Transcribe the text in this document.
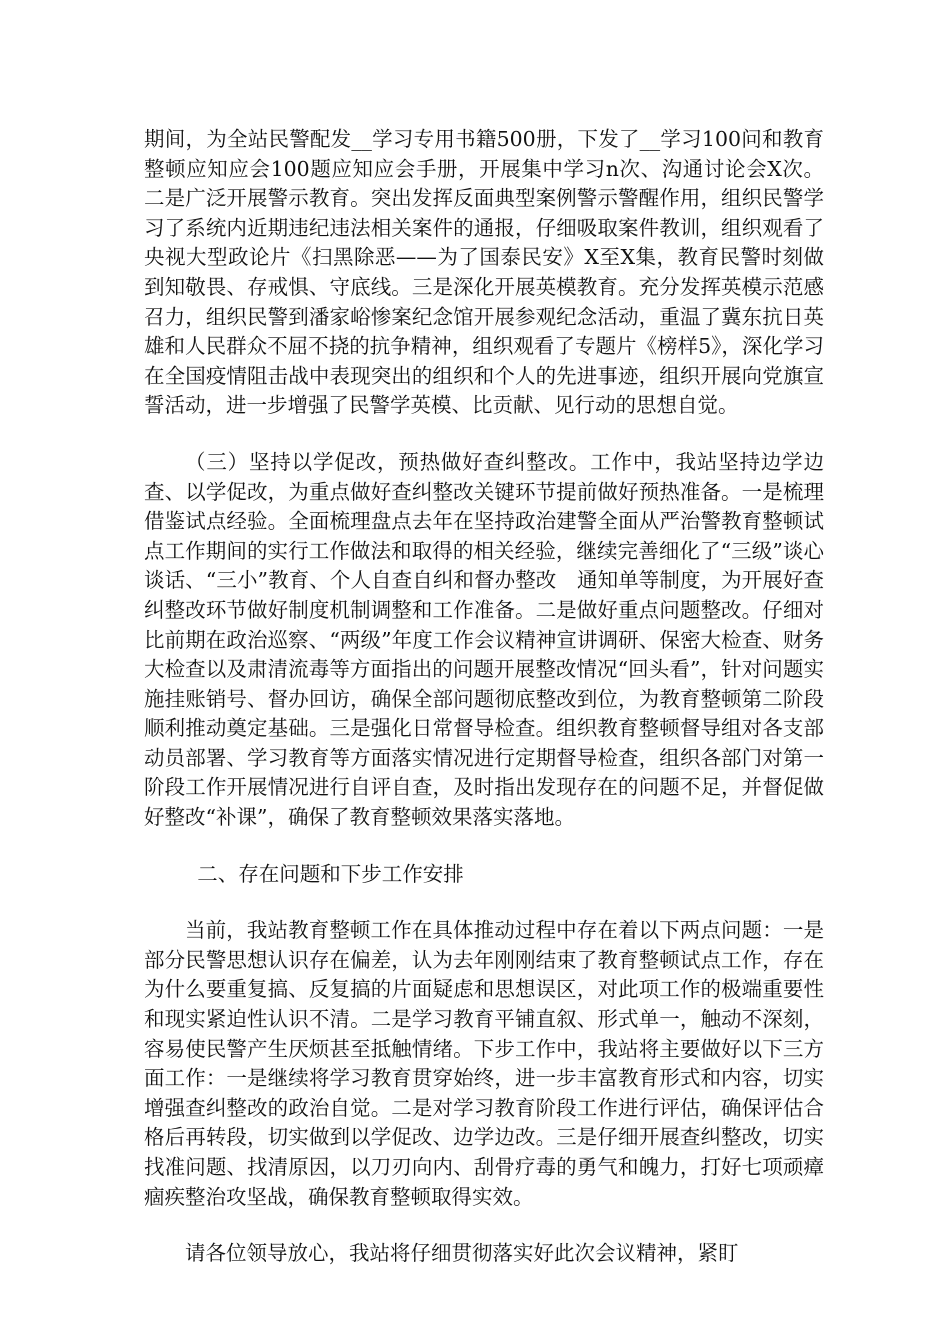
期间，为全站民警配发__学习专用书籍500册，下发了__学习100问和教育整顿应知应会100题应知应会手册，开展集中学习n次、沟通讨论会X次。二是广泛开展警示教育。突出发挥反面典型案例警示警醒作用，组织民警学习了系统内近期违纪违法相关案件的通报，仔细吸取案件教训，组织观看了央视大型政论片《扫黑除恶——为了国泰民安》X至X集，教育民警时刻做到知敬畏、存戒惧、守底线。三是深化开展英模教育。充分发挥英模示范感召力，组织民警到潘家峪惨案纪念馆开展参观纪念活动，重温了冀东抗日英雄和人民群众不屈不挠的抗争精神，组织观看了专题片《榜样5》，深化学习在全国疫情阻击战中表现突出的组织和个人的先进事迹，组织开展向党旗宣誓活动，进一步增强了民警学英模、比贡献、见行动的思想自觉。

（三）坚持以学促改，预热做好查纠整改。工作中，我站坚持边学边查、以学促改，为重点做好查纠整改关键环节提前做好预热准备。一是梳理借鉴试点经验。全面梳理盘点去年在坚持政治建警全面从严治警教育整顿试点工作期间的实行工作做法和取得的相关经验，继续完善细化了“三级”谈心谈话、“三小”教育、个人自查自纠和督办整改　通知单等制度，为开展好查纠整改环节做好制度机制调整和工作准备。二是做好重点问题整改。仔细对比前期在政治巡察、“两级”年度工作会议精神宣讲调研、保密大检查、财务大检查以及肃清流毒等方面指出的问题开展整改情况“回头看”，针对问题实施挂账销号、督办回访，确保全部问题彻底整改到位，为教育整顿第二阶段顺利推动奠定基础。三是强化日常督导检查。组织教育整顿督导组对各支部动员部署、学习教育等方面落实情况进行定期督导检查，组织各部门对第一阶段工作开展情况进行自评自查，及时指出发现存在的问题不足，并督促做好整改“补课”，确保了教育整顿效果落实落地。

二、存在问题和下步工作安排

当前，我站教育整顿工作在具体推动过程中存在着以下两点问题：一是部分民警思想认识存在偏差，认为去年刚刚结束了教育整顿试点工作，存在为什么要重复搞、反复搞的片面疑虑和思想误区，对此项工作的极端重要性和现实紧迫性认识不清。二是学习教育平铺直叙、形式单一，触动不深刻，容易使民警产生厌烦甚至抵触情绪。下步工作中，我站将主要做好以下三方面工作：一是继续将学习教育贯穿始终，进一步丰富教育形式和内容，切实增强查纠整改的政治自觉。二是对学习教育阶段工作进行评估，确保评估合格后再转段，切实做到以学促改、边学边改。三是仔细开展查纠整改，切实找准问题、找清原因，以刀刃向内、刮骨疗毒的勇气和魄力，打好七项顽瘴痼疾整治攻坚战，确保教育整顿取得实效。

请各位领导放心，我站将仔细贯彻落实好此次会议精神，紧盯
